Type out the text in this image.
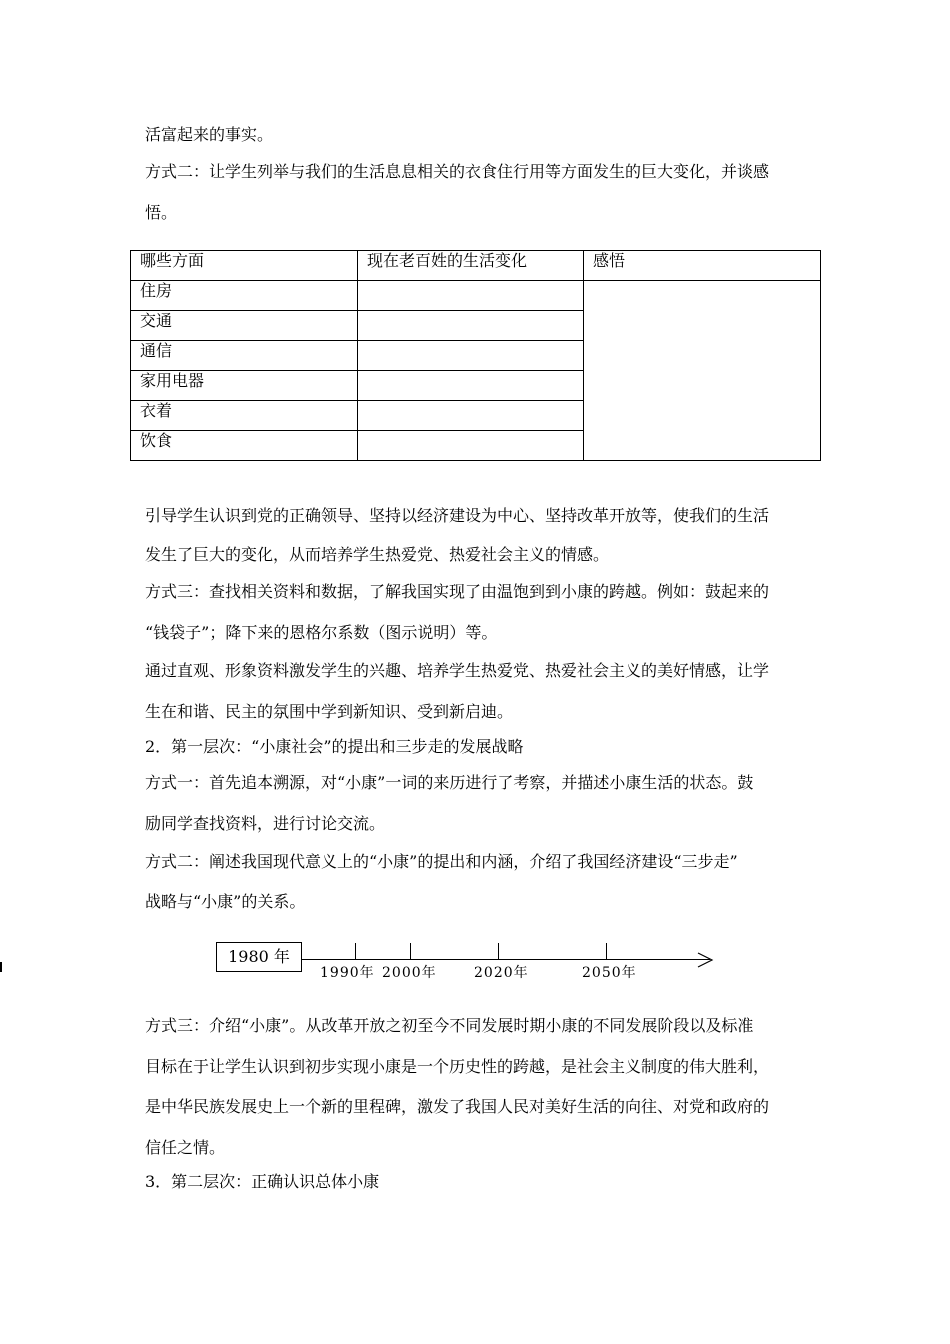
活富起来的事实。
方式二：让学生列举与我们的生活息息相关的衣食住行用等方面发生的巨大变化，并谈感
悟。
哪些方面	现在老百姓的生活变化	感悟
住房		
交通		
通信		
家用电器		
衣着		
饮食		
引导学生认识到党的正确领导、坚持以经济建设为中心、坚持改革开放等，使我们的生活
发生了巨大的变化，从而培养学生热爱党、热爱社会主义的情感。
方式三：查找相关资料和数据，了解我国实现了由温饱到到小康的跨越。例如：鼓起来的
“钱袋子”；降下来的恩格尔系数（图示说明）等。
通过直观、形象资料激发学生的兴趣、培养学生热爱党、热爱社会主义的美好情感，让学
生在和谐、民主的氛围中学到新知识、受到新启迪。
2．第一层次：“小康社会”的提出和三步走的发展战略
方式一：首先追本溯源，对“小康”一词的来历进行了考察，并描述小康生活的状态。鼓
励同学查找资料，进行讨论交流。
方式二：阐述我国现代意义上的“小康”的提出和内涵，介绍了我国经济建设“三步走”
战略与“小康”的关系。
1980 年
1990年 2000年	2020年	2050年
方式三：介绍“小康”。从改革开放之初至今不同发展时期小康的不同发展阶段以及标准
目标在于让学生认识到初步实现小康是一个历史性的跨越，是社会主义制度的伟大胜利，
是中华民族发展史上一个新的里程碑，激发了我国人民对美好生活的向往、对党和政府的
信任之情。
3．第二层次：正确认识总体小康
